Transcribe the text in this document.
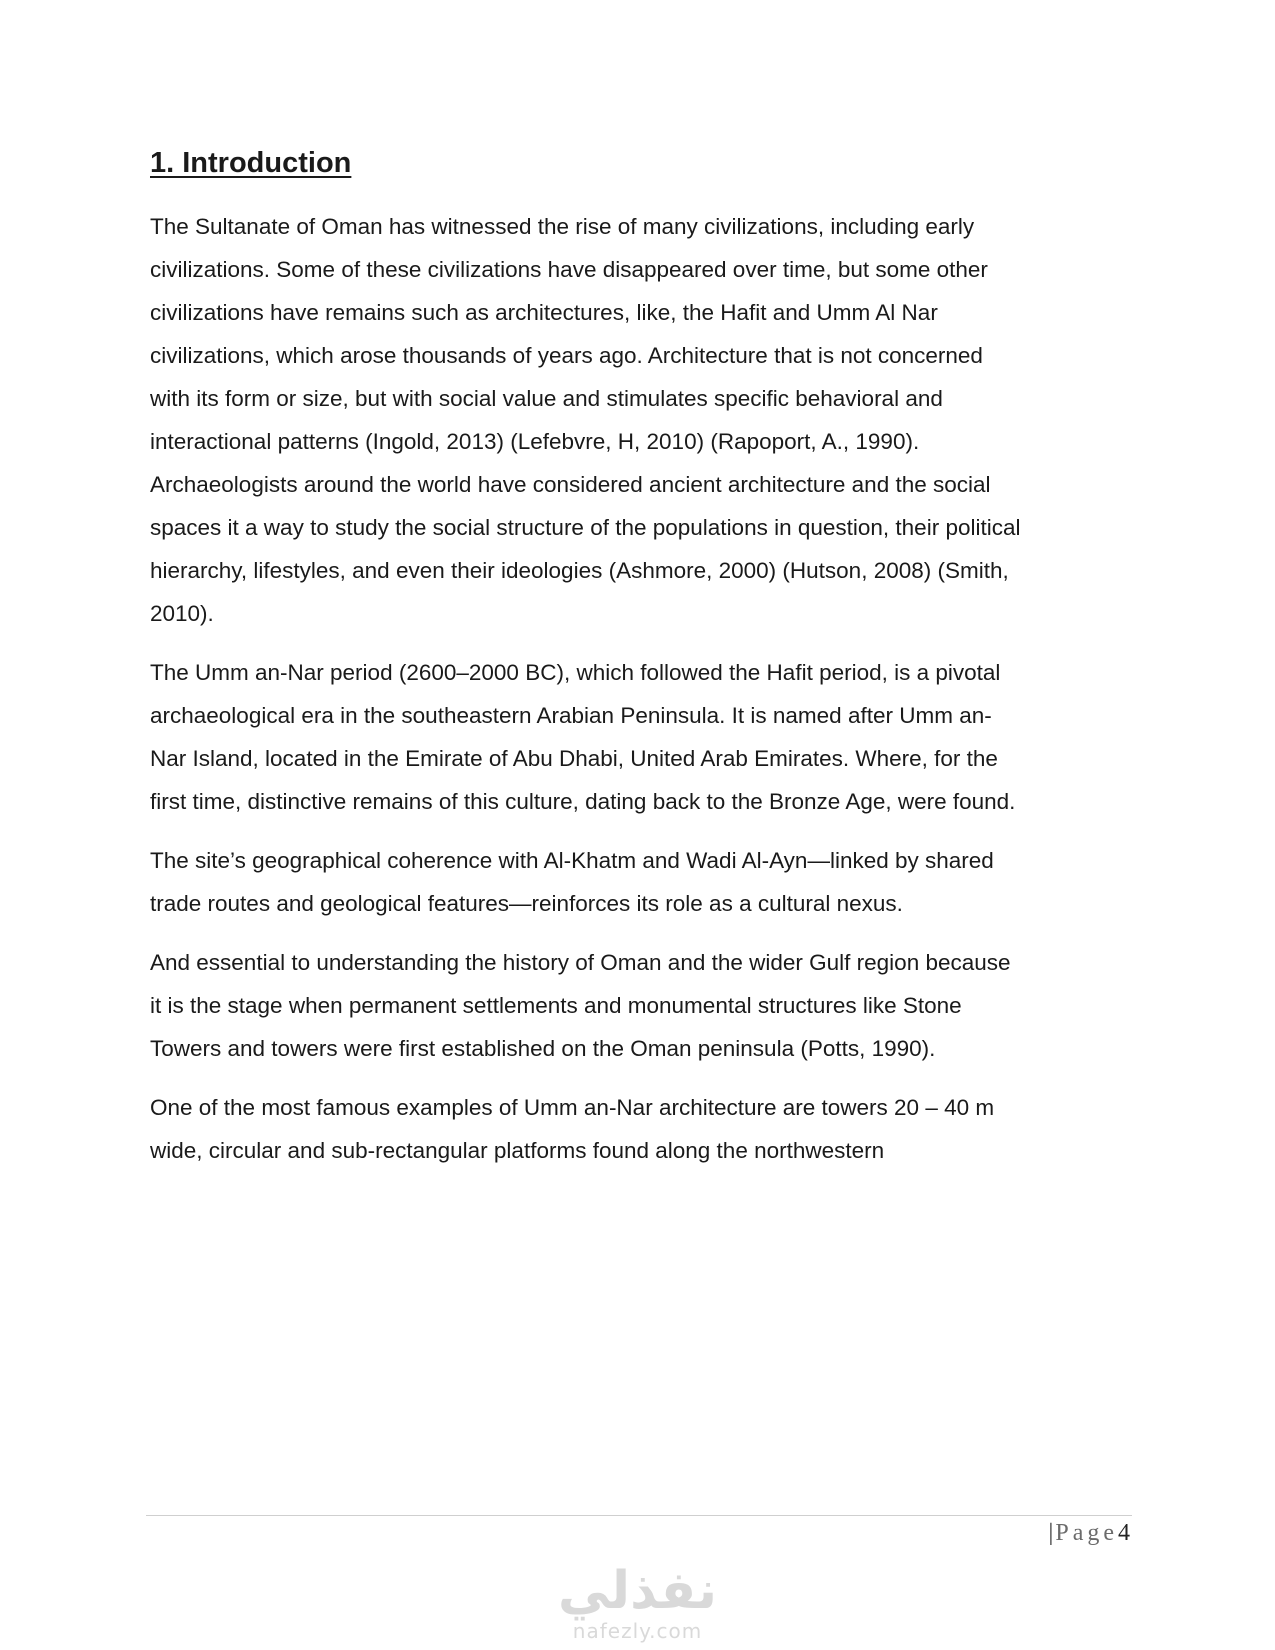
1. Introduction

The Sultanate of Oman has witnessed the rise of many civilizations, including early
civilizations. Some of these civilizations have disappeared over time, but some other
civilizations have remains such as architectures, like, the Hafit and Umm Al Nar
civilizations, which arose thousands of years ago. Architecture that is not concerned
with its form or size, but with social value and stimulates specific behavioral and
interactional patterns (Ingold, 2013) (Lefebvre, H, 2010) (Rapoport, A., 1990).
Archaeologists around the world have considered ancient architecture and the social
spaces it a way to study the social structure of the populations in question, their political
hierarchy, lifestyles, and even their ideologies (Ashmore, 2000) (Hutson, 2008) (Smith,
2010).

The Umm an-Nar period (2600–2000 BC), which followed the Hafit period, is a pivotal
archaeological era in the southeastern Arabian Peninsula. It is named after Umm an-
Nar Island, located in the Emirate of Abu Dhabi, United Arab Emirates. Where, for the
first time, distinctive remains of this culture, dating back to the Bronze Age, were found.

The site’s geographical coherence with Al-Khatm and Wadi Al-Ayn—linked by shared
trade routes and geological features—reinforces its role as a cultural nexus.

And essential to understanding the history of Oman and the wider Gulf region because
it is the stage when permanent settlements and monumental structures like Stone
Towers and towers were first established on the Oman peninsula (Potts, 1990).

One of the most famous examples of Umm an-Nar architecture are towers 20 – 40 m
wide, circular and sub-rectangular platforms found along the northwestern

|Page4
نفذلي
nafezly.com
